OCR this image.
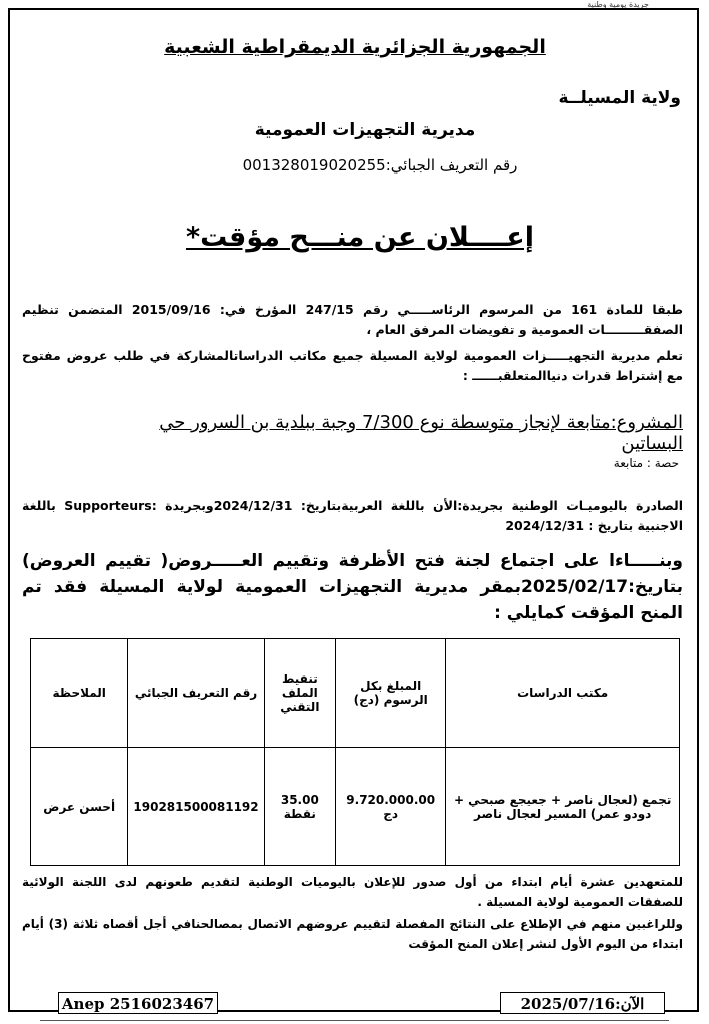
جريدة يومية وطنية
الجمهورية الجزائرية الديمقراطية الشعبية
ولاية المسيلــة
مديرية التجهيزات العمومية
رقم التعريف الجبائي:001328019020255
إعــــلان عن منـــح مؤقت*
طبقا للمادة 161 من المرسوم الرئاســـــي رقم 247/15 المؤرخ في: 2015/09/16 المتضمن تنظيم الصفقـــــــــات العمومية و تفويضات المرفق العام ،
تعلم مديرية التجهيـــــزات العمومية لولاية المسيلة جميع مكاتب الدراساتالمشاركة في طلب عروض مفتوح مع إشتراط قدرات دنياالمتعلقبــــــ :
المشروع:متابعة لإنجاز متوسطة نوع 7/300 وجبة ببلدية بن السرور حي البساتين
حصة : متابعة
الصادرة باليوميـات الوطنية بجريدة:الأن باللغة العربيةبتاريخ: 2024/12/31وبجريدة :Supporteurs باللغة الاجنبية بتاريخ : 2024/12/31
وبنـــــاءا على اجتماع لجنة فتح الأظرفة وتقييم العـــــروض( تقييم العروض) بتاريخ:2025/02/17بمقر مديرية التجهيزات العمومية لولاية المسيلة فقد تم المنح المؤقت كمايلي :
مكتب الدراسات	المبلغ بكل الرسوم (دج)	تنقيط الملف التقني	رقم التعريف الجبائي	الملاحظة
تجمع (لعجال ناصر + جعيجع صبحي + دودو عمر) المسير لعجال ناصر	9.720.000.00 دج	35.00 نقطة	190281500081192	أحسن عرض
للمتعهدين عشرة أيام ابتداء من أول صدور للإعلان باليوميات الوطنية لتقديم طعونهم لدى اللجنة الولائية للصفقات العمومية لولاية المسيلة .
وللراغبين منهم في الإطلاع على النتائج المفصلة لتقييم عروضهم الاتصال بمصالحنافي أجل أقصاه ثلاثة (3) أيام ابتداء من اليوم الأول لنشر إعلان المنح المؤقت
Anep 2516023467	الآن:2025/07/16
